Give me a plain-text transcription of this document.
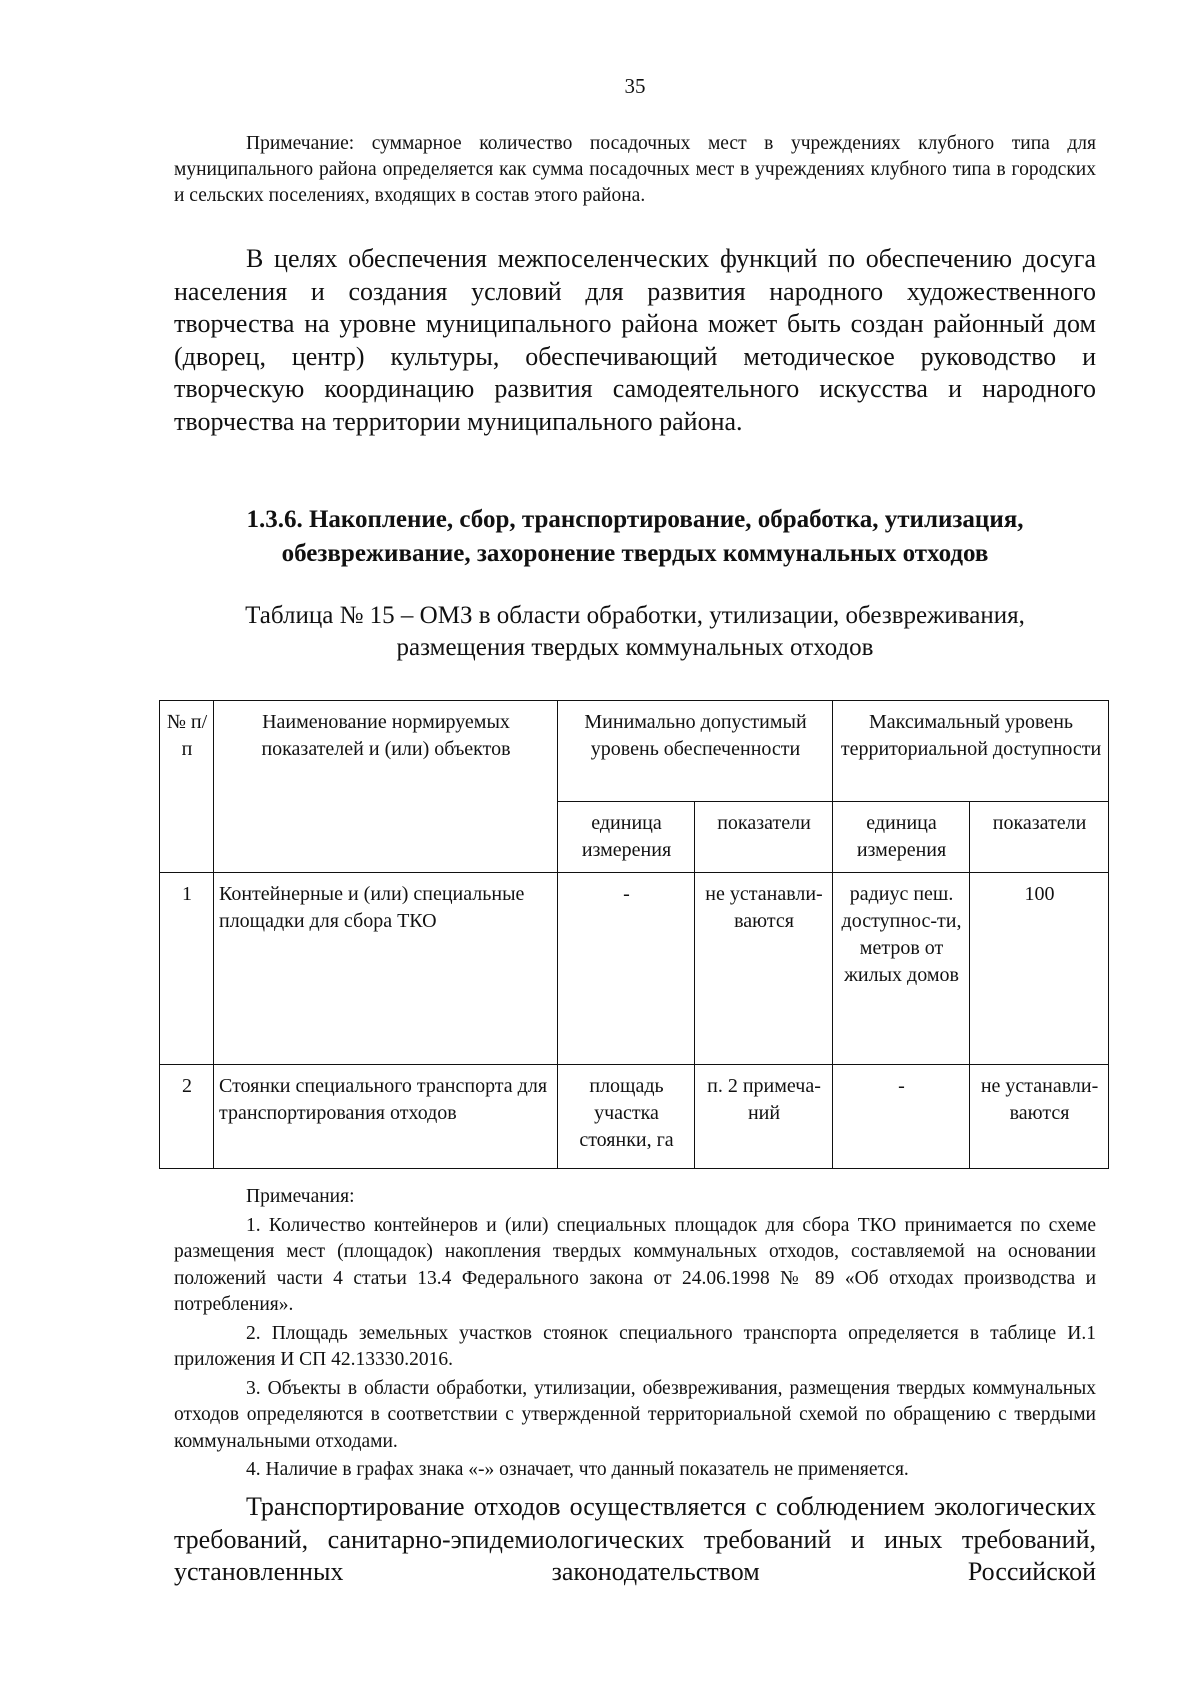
35
Примечание: суммарное количество посадочных мест в учреждениях клубного типа для муниципального района определяется как сумма посадочных мест в учреждениях клубного типа в городских и сельских поселениях, входящих в состав этого района.
В целях обеспечения межпоселенческих функций по обеспечению досуга населения и создания условий для развития народного художественного творчества на уровне муниципального района может быть создан районный дом (дворец, центр) культуры, обеспечивающий методическое руководство и творческую координацию развития самодеятельного искусства и народного творчества на территории муниципального района.
1.3.6. Накопление, сбор, транспортирование, обработка, утилизация,
обезвреживание, захоронение твердых коммунальных отходов
Таблица № 15 – ОМЗ в области обработки, утилизации, обезвреживания,
размещения твердых коммунальных отходов
№ п/п	Наименование нормируемых показателей и (или) объектов	Минимально допустимый уровень обеспеченности		Максимальный уровень территориальной доступности	
		единица измерения	показатели	единица измерения	показатели
1	Контейнерные и (или) специальные площадки для сбора ТКО	-	не устанавли-ваются	радиус пеш. доступнос-ти, метров от жилых домов	100
2	Стоянки специального транспорта для транспортирования отходов	площадь участка стоянки, га	п. 2 примеча-ний	-	не устанавли-ваются
Примечания:
1. Количество контейнеров и (или) специальных площадок для сбора ТКО принимается по схеме размещения мест (площадок) накопления твердых коммунальных отходов, составляемой на основании положений части 4 статьи 13.4 Федерального закона от 24.06.1998 № 89 «Об отходах производства и потребления».
2. Площадь земельных участков стоянок специального транспорта определяется в таблице И.1 приложения И СП 42.13330.2016.
3. Объекты в области обработки, утилизации, обезвреживания, размещения твердых коммунальных отходов определяются в соответствии с утвержденной территориальной схемой по обращению с твердыми коммунальными отходами.
4. Наличие в графах знака «-» означает, что данный показатель не применяется.
Транспортирование отходов осуществляется с соблюдением экологических требований, санитарно-эпидемиологических требований и иных требований, установленных законодательством Российской
